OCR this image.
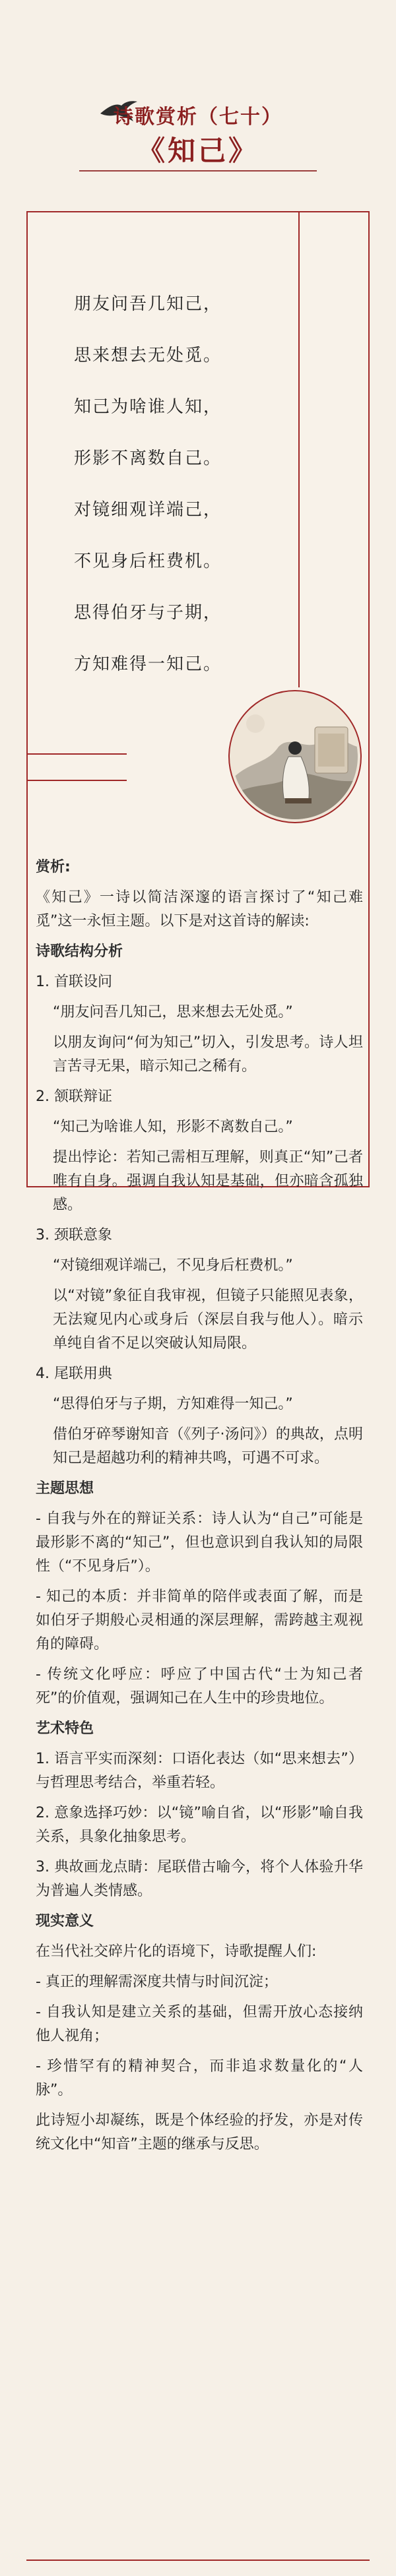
诗歌赏析（七十）
《知己》
朋友问吾几知己，
思来想去无处觅。
知己为啥谁人知，
形影不离数自己。
对镜细观详端己，
不见身后枉费机。
思得伯牙与子期，
方知难得一知己。

赏析:

《知己》一诗以简洁深邃的语言探讨了“知己难觅”这一永恒主题。以下是对这首诗的解读:

诗歌结构分析

1. 首联设问

“朋友问吾几知己，思来想去无处觅。”

以朋友询问“何为知己”切入，引发思考。诗人坦言苦寻无果，暗示知己之稀有。

2. 颔联辩证

“知己为啥谁人知，形影不离数自己。”

提出悖论：若知己需相互理解，则真正“知”己者唯有自身。强调自我认知是基础，但亦暗含孤独感。

3. 颈联意象

“对镜细观详端己，不见身后枉费机。”

以“对镜”象征自我审视，但镜子只能照见表象，无法窥见内心或身后（深层自我与他人）。暗示单纯自省不足以突破认知局限。

4. 尾联用典

“思得伯牙与子期，方知难得一知己。”

借伯牙碎琴谢知音（《列子·汤问》）的典故，点明知己是超越功利的精神共鸣，可遇不可求。

主题思想

- 自我与外在的辩证关系：诗人认为“自己”可能是最形影不离的“知己”，但也意识到自我认知的局限性（“不见身后”）。

- 知己的本质：并非简单的陪伴或表面了解，而是如伯牙子期般心灵相通的深层理解，需跨越主观视角的障碍。

- 传统文化呼应：呼应了中国古代“士为知己者死”的价值观，强调知己在人生中的珍贵地位。

艺术特色

1. 语言平实而深刻：口语化表达（如“思来想去”）与哲理思考结合，举重若轻。

2. 意象选择巧妙：以“镜”喻自省，以“形影”喻自我关系，具象化抽象思考。

3. 典故画龙点睛：尾联借古喻今，将个人体验升华为普遍人类情感。

现实意义

在当代社交碎片化的语境下，诗歌提醒人们:

- 真正的理解需深度共情与时间沉淀；

- 自我认知是建立关系的基础，但需开放心态接纳他人视角；

- 珍惜罕有的精神契合，而非追求数量化的“人脉”。

此诗短小却凝练，既是个体经验的抒发，亦是对传统文化中“知音”主题的继承与反思。
